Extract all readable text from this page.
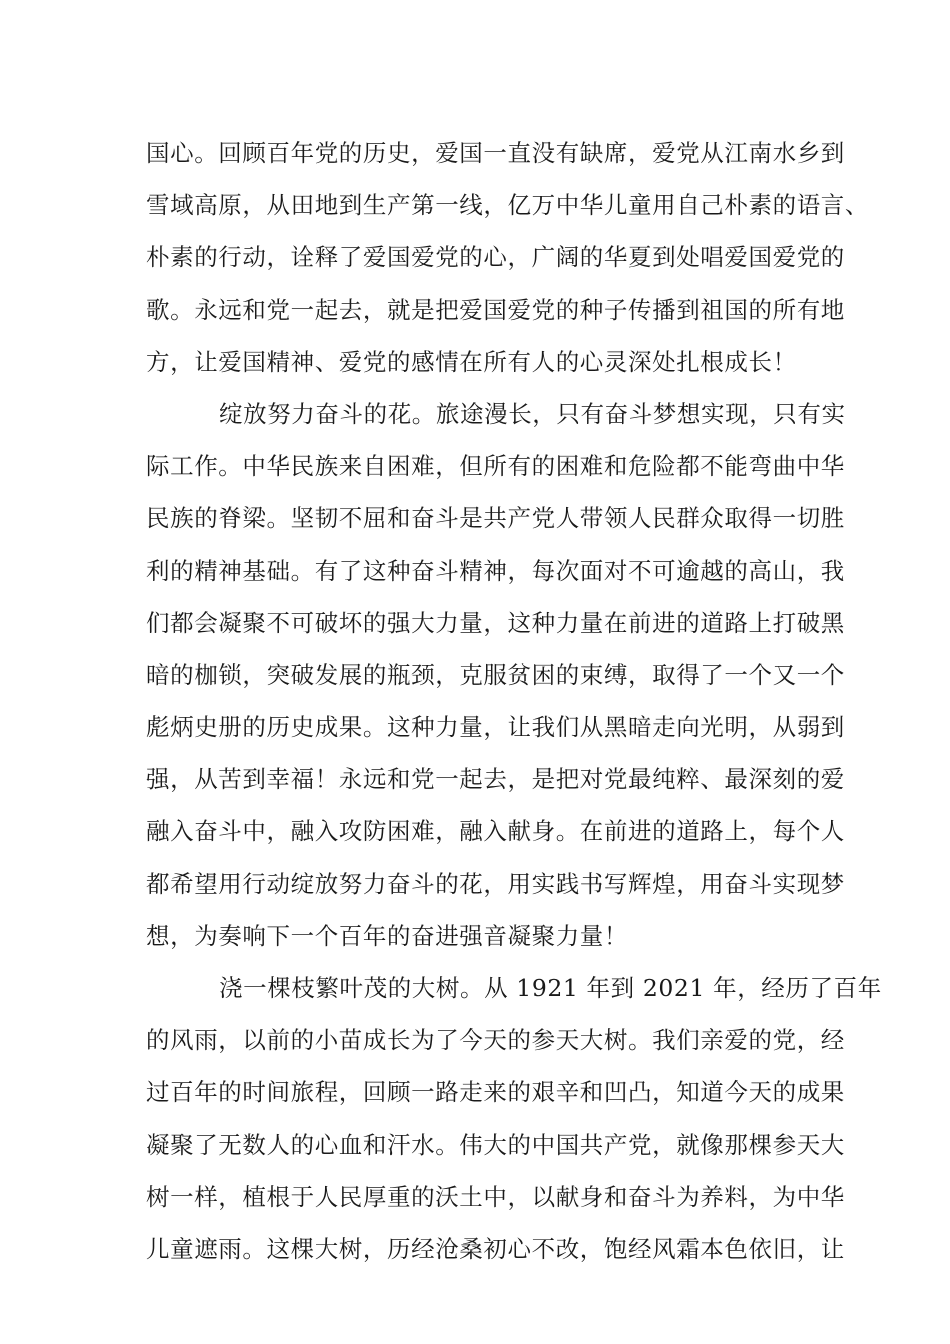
国心。回顾百年党的历史，爱国一直没有缺席，爱党从江南水乡到
雪域高原，从田地到生产第一线，亿万中华儿童用自己朴素的语言、
朴素的行动，诠释了爱国爱党的心，广阔的华夏到处唱爱国爱党的
歌。永远和党一起去，就是把爱国爱党的种子传播到祖国的所有地
方，让爱国精神、爱党的感情在所有人的心灵深处扎根成长！
绽放努力奋斗的花。旅途漫长，只有奋斗梦想实现，只有实
际工作。中华民族来自困难，但所有的困难和危险都不能弯曲中华
民族的脊梁。坚韧不屈和奋斗是共产党人带领人民群众取得一切胜
利的精神基础。有了这种奋斗精神，每次面对不可逾越的高山，我
们都会凝聚不可破坏的强大力量，这种力量在前进的道路上打破黑
暗的枷锁，突破发展的瓶颈，克服贫困的束缚，取得了一个又一个
彪炳史册的历史成果。这种力量，让我们从黑暗走向光明，从弱到
强，从苦到幸福！永远和党一起去，是把对党最纯粹、最深刻的爱
融入奋斗中，融入攻防困难，融入献身。在前进的道路上，每个人
都希望用行动绽放努力奋斗的花，用实践书写辉煌，用奋斗实现梦
想，为奏响下一个百年的奋进强音凝聚力量！
浇一棵枝繁叶茂的大树。从 1921 年到 2021 年，经历了百年
的风雨，以前的小苗成长为了今天的参天大树。我们亲爱的党，经
过百年的时间旅程，回顾一路走来的艰辛和凹凸，知道今天的成果
凝聚了无数人的心血和汗水。伟大的中国共产党，就像那棵参天大
树一样，植根于人民厚重的沃土中，以献身和奋斗为养料，为中华
儿童遮雨。这棵大树，历经沧桑初心不改，饱经风霜本色依旧，让
